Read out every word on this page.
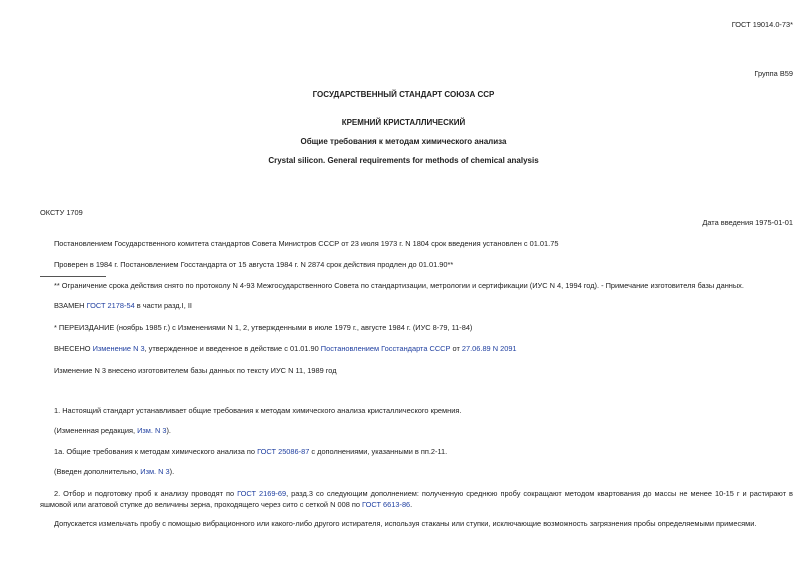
ГОСТ 19014.0-73*
Группа В59
ГОСУДАРСТВЕННЫЙ СТАНДАРТ СОЮЗА ССР
КРЕМНИЙ КРИСТАЛЛИЧЕСКИЙ
Общие требования к методам химического анализа
Crystal silicon. General requirements for methods of chemical analysis
ОКСТУ 1709
Дата введения 1975-01-01
Постановлением Государственного комитета стандартов Совета Министров СССР от 23 июля 1973 г. N 1804 срок введения установлен с 01.01.75
Проверен в 1984 г. Постановлением Госстандарта от 15 августа 1984 г. N 2874 срок действия продлен до 01.01.90**
** Ограничение срока действия снято по протоколу N 4-93 Межгосударственного Совета по стандартизации, метрологии и сертификации (ИУС N 4, 1994 год). - Примечание изготовителя базы данных.
ВЗАМЕН ГОСТ 2178-54 в части разд.I, II
* ПЕРЕИЗДАНИЕ (ноябрь 1985 г.) с Изменениями N 1, 2, утвержденными в июле 1979 г., августе 1984 г. (ИУС 8-79, 11-84)
ВНЕСЕНО Изменение N 3, утвержденное и введенное в действие с 01.01.90 Постановлением Госстандарта СССР от 27.06.89 N 2091
Изменение N 3 внесено изготовителем базы данных по тексту ИУС N 11, 1989 год
1. Настоящий стандарт устанавливает общие требования к методам химического анализа кристаллического кремния.
(Измененная редакция, Изм. N 3).
1а. Общие требования к методам химического анализа по ГОСТ 25086-87 с дополнениями, указанными в пп.2-11.
(Введен дополнительно, Изм. N 3).
2. Отбор и подготовку проб к анализу проводят по ГОСТ 2169-69, разд.3 со следующим дополнением: полученную среднюю пробу сокращают методом квартования до массы не менее 10-15 г и растирают в яшмовой или агатовой ступке до величины зерна, проходящего через сито с сеткой N 008 по ГОСТ 6613-86.
Допускается измельчать пробу с помощью вибрационного или какого-либо другого истирателя, используя стаканы или ступки, исключающие возможность загрязнения пробы определяемыми примесями.
